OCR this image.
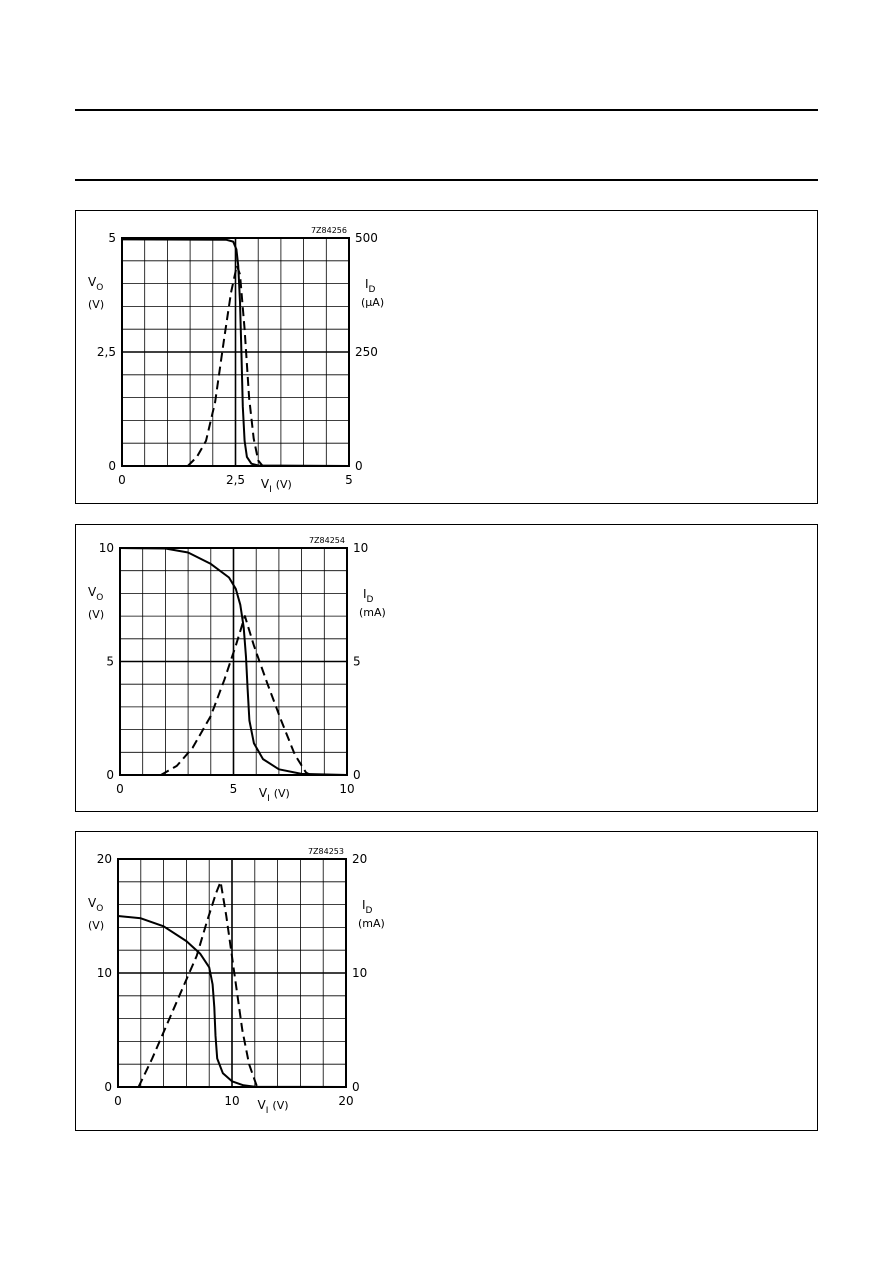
0	2,5	5
0
2,5
5
0
250
500
7Z84256
$V_O$
(V)
$I_D$
(μA)
$V_I$ (V)
0	5	10
0
5
10
0
5
10
7Z84254
$V_O$
(V)
$I_D$
(mA)
$V_I$ (V)
0	10	20
0
10
20
0
10
20
7Z84253
$V_O$
(V)
$I_D$
(mA)
$V_I$ (V)
